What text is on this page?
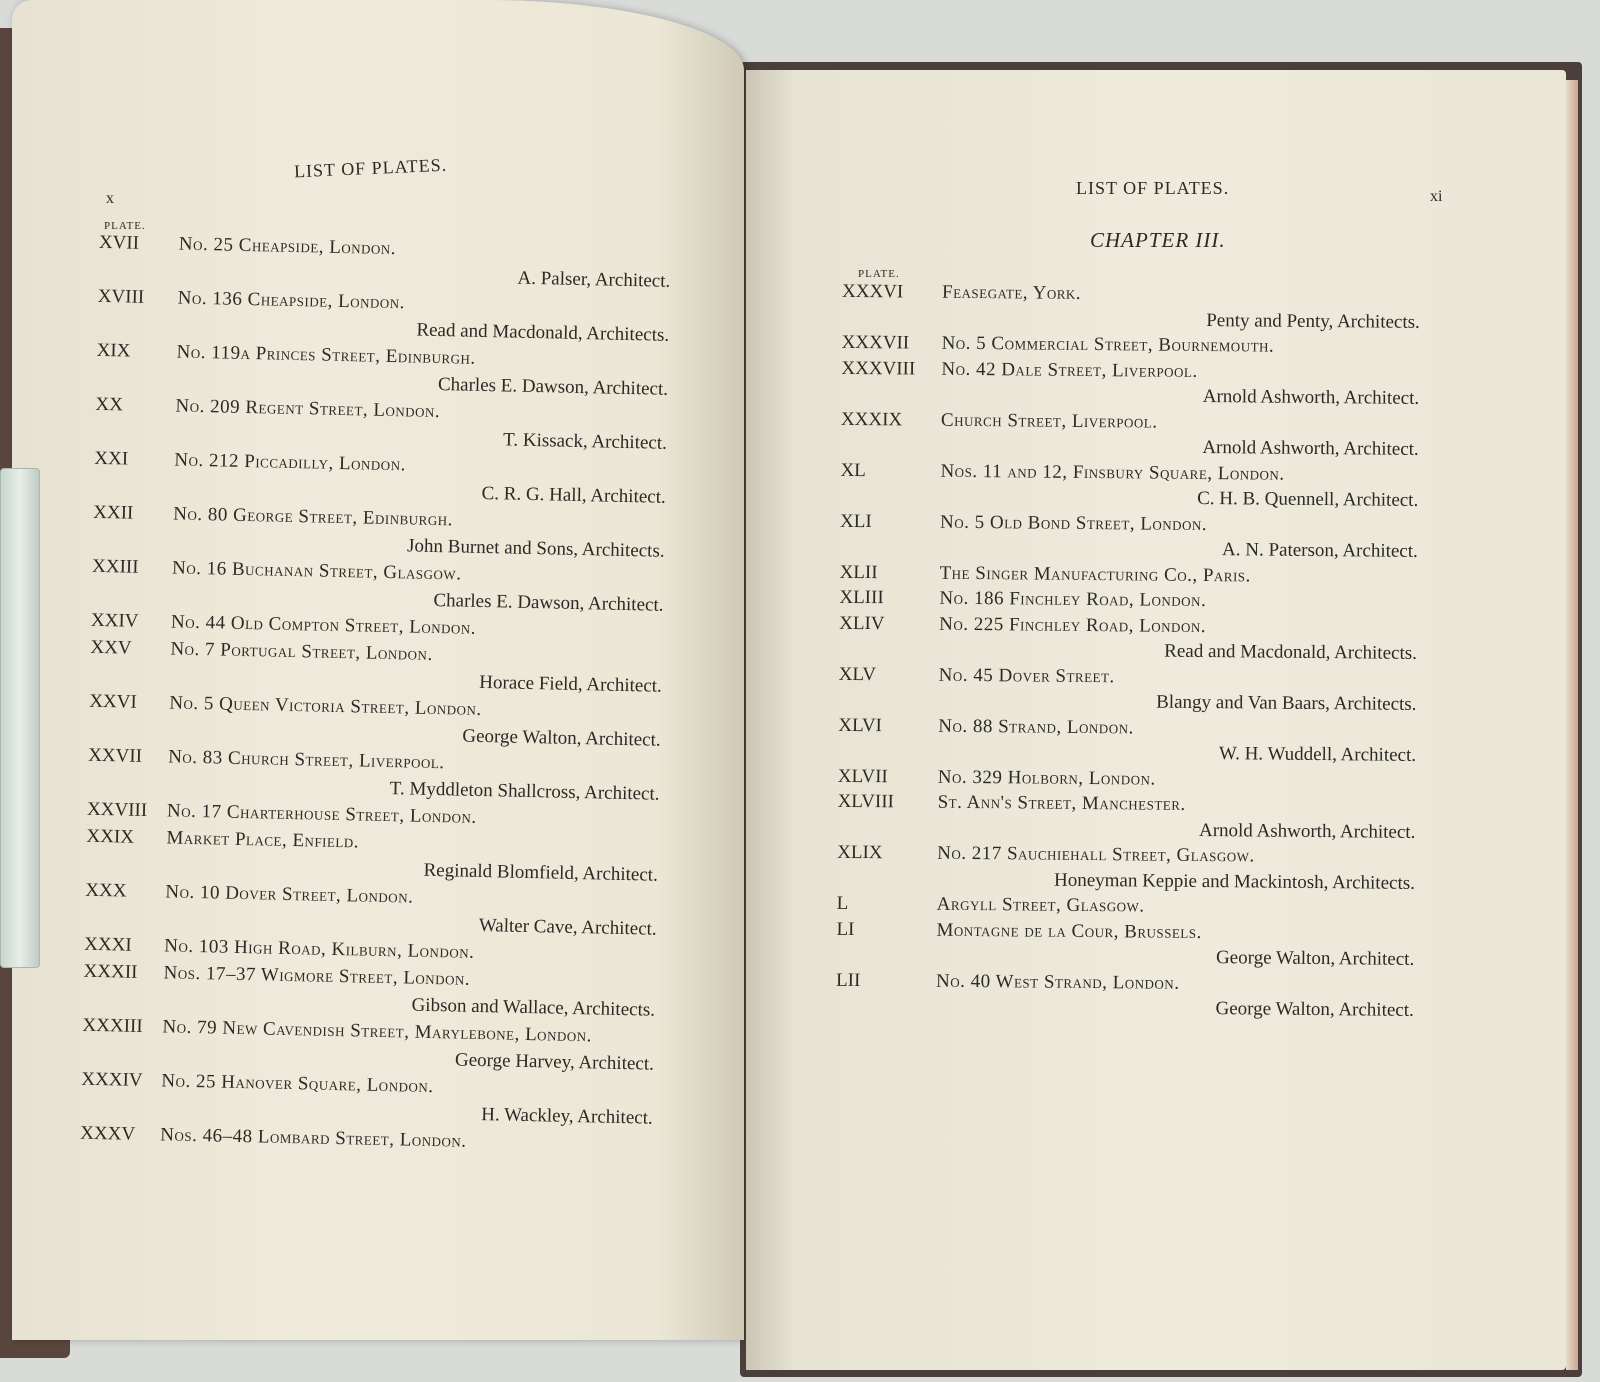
LIST OF PLATES.
x
PLATE.
XVII No. 25 Cheapside, London.
A. Palser, Architect.
XVIII No. 136 Cheapside, London.
Read and Macdonald, Architects.
XIX No. 119a Princes Street, Edinburgh.
Charles E. Dawson, Architect.
XX	No. 209 Regent Street, London.
T. Kissack, Architect.
XXI No. 212 Piccadilly, London.
C. R. G. Hall, Architect.
XXII No. 80 George Street, Edinburgh.
John Burnet and Sons, Architects.
XXIII No. 16 Buchanan Street, Glasgow.
Charles E. Dawson, Architect.
XXIV No. 44 Old Compton Street, London.
XXV No. 7 Portugal Street, London.
Horace Field, Architect.
XXVI No. 5 Queen Victoria Street, London.
George Walton, Architect.
XXVII No. 83 Church Street, Liverpool.
T. Myddleton Shallcross, Architect.
XXVIII No. 17 Charterhouse Street, London.
XXIX Market Place, Enfield.
Reginald Blomfield, Architect.
XXX No. 10 Dover Street, London.
Walter Cave, Architect.
XXXI No. 103 High Road, Kilburn, London.
XXXII Nos. 17–37 Wigmore Street, London.
Gibson and Wallace, Architects.
XXXIII No. 79 New Cavendish Street, Marylebone, London.
George Harvey, Architect.
XXXIV No. 25 Hanover Square, London.
H. Wackley, Architect.
XXXV Nos. 46–48 Lombard Street, London.
LIST OF PLATES.	xi
CHAPTER III.
PLATE.
XXXVI Feasegate, York.
Penty and Penty, Architects.
XXXVII No. 5 Commercial Street, Bournemouth.
XXXVIII No. 42 Dale Street, Liverpool.
Arnold Ashworth, Architect.
XXXIX Church Street, Liverpool.
Arnold Ashworth, Architect.
XL	Nos. 11 and 12, Finsbury Square, London.
C. H. B. Quennell, Architect.
XLI	No. 5 Old Bond Street, London.
A. N. Paterson, Architect.
XLII	The Singer Manufacturing Co., Paris.
XLIII	No. 186 Finchley Road, London.
XLIV	No. 225 Finchley Road, London.
Read and Macdonald, Architects.
XLV	No. 45 Dover Street.
Blangy and Van Baars, Architects.
XLVI	No. 88 Strand, London.
W. H. Wuddell, Architect.
XLVII	No. 329 Holborn, London.
XLVIII St. Ann's Street, Manchester.
Arnold Ashworth, Architect.
XLIX	No. 217 Sauchiehall Street, Glasgow.
Honeyman Keppie and Mackintosh, Architects.
L	Argyll Street, Glasgow.
LI	Montagne de la Cour, Brussels.
George Walton, Architect.
LII	No. 40 West Strand, London.
George Walton, Architect.
